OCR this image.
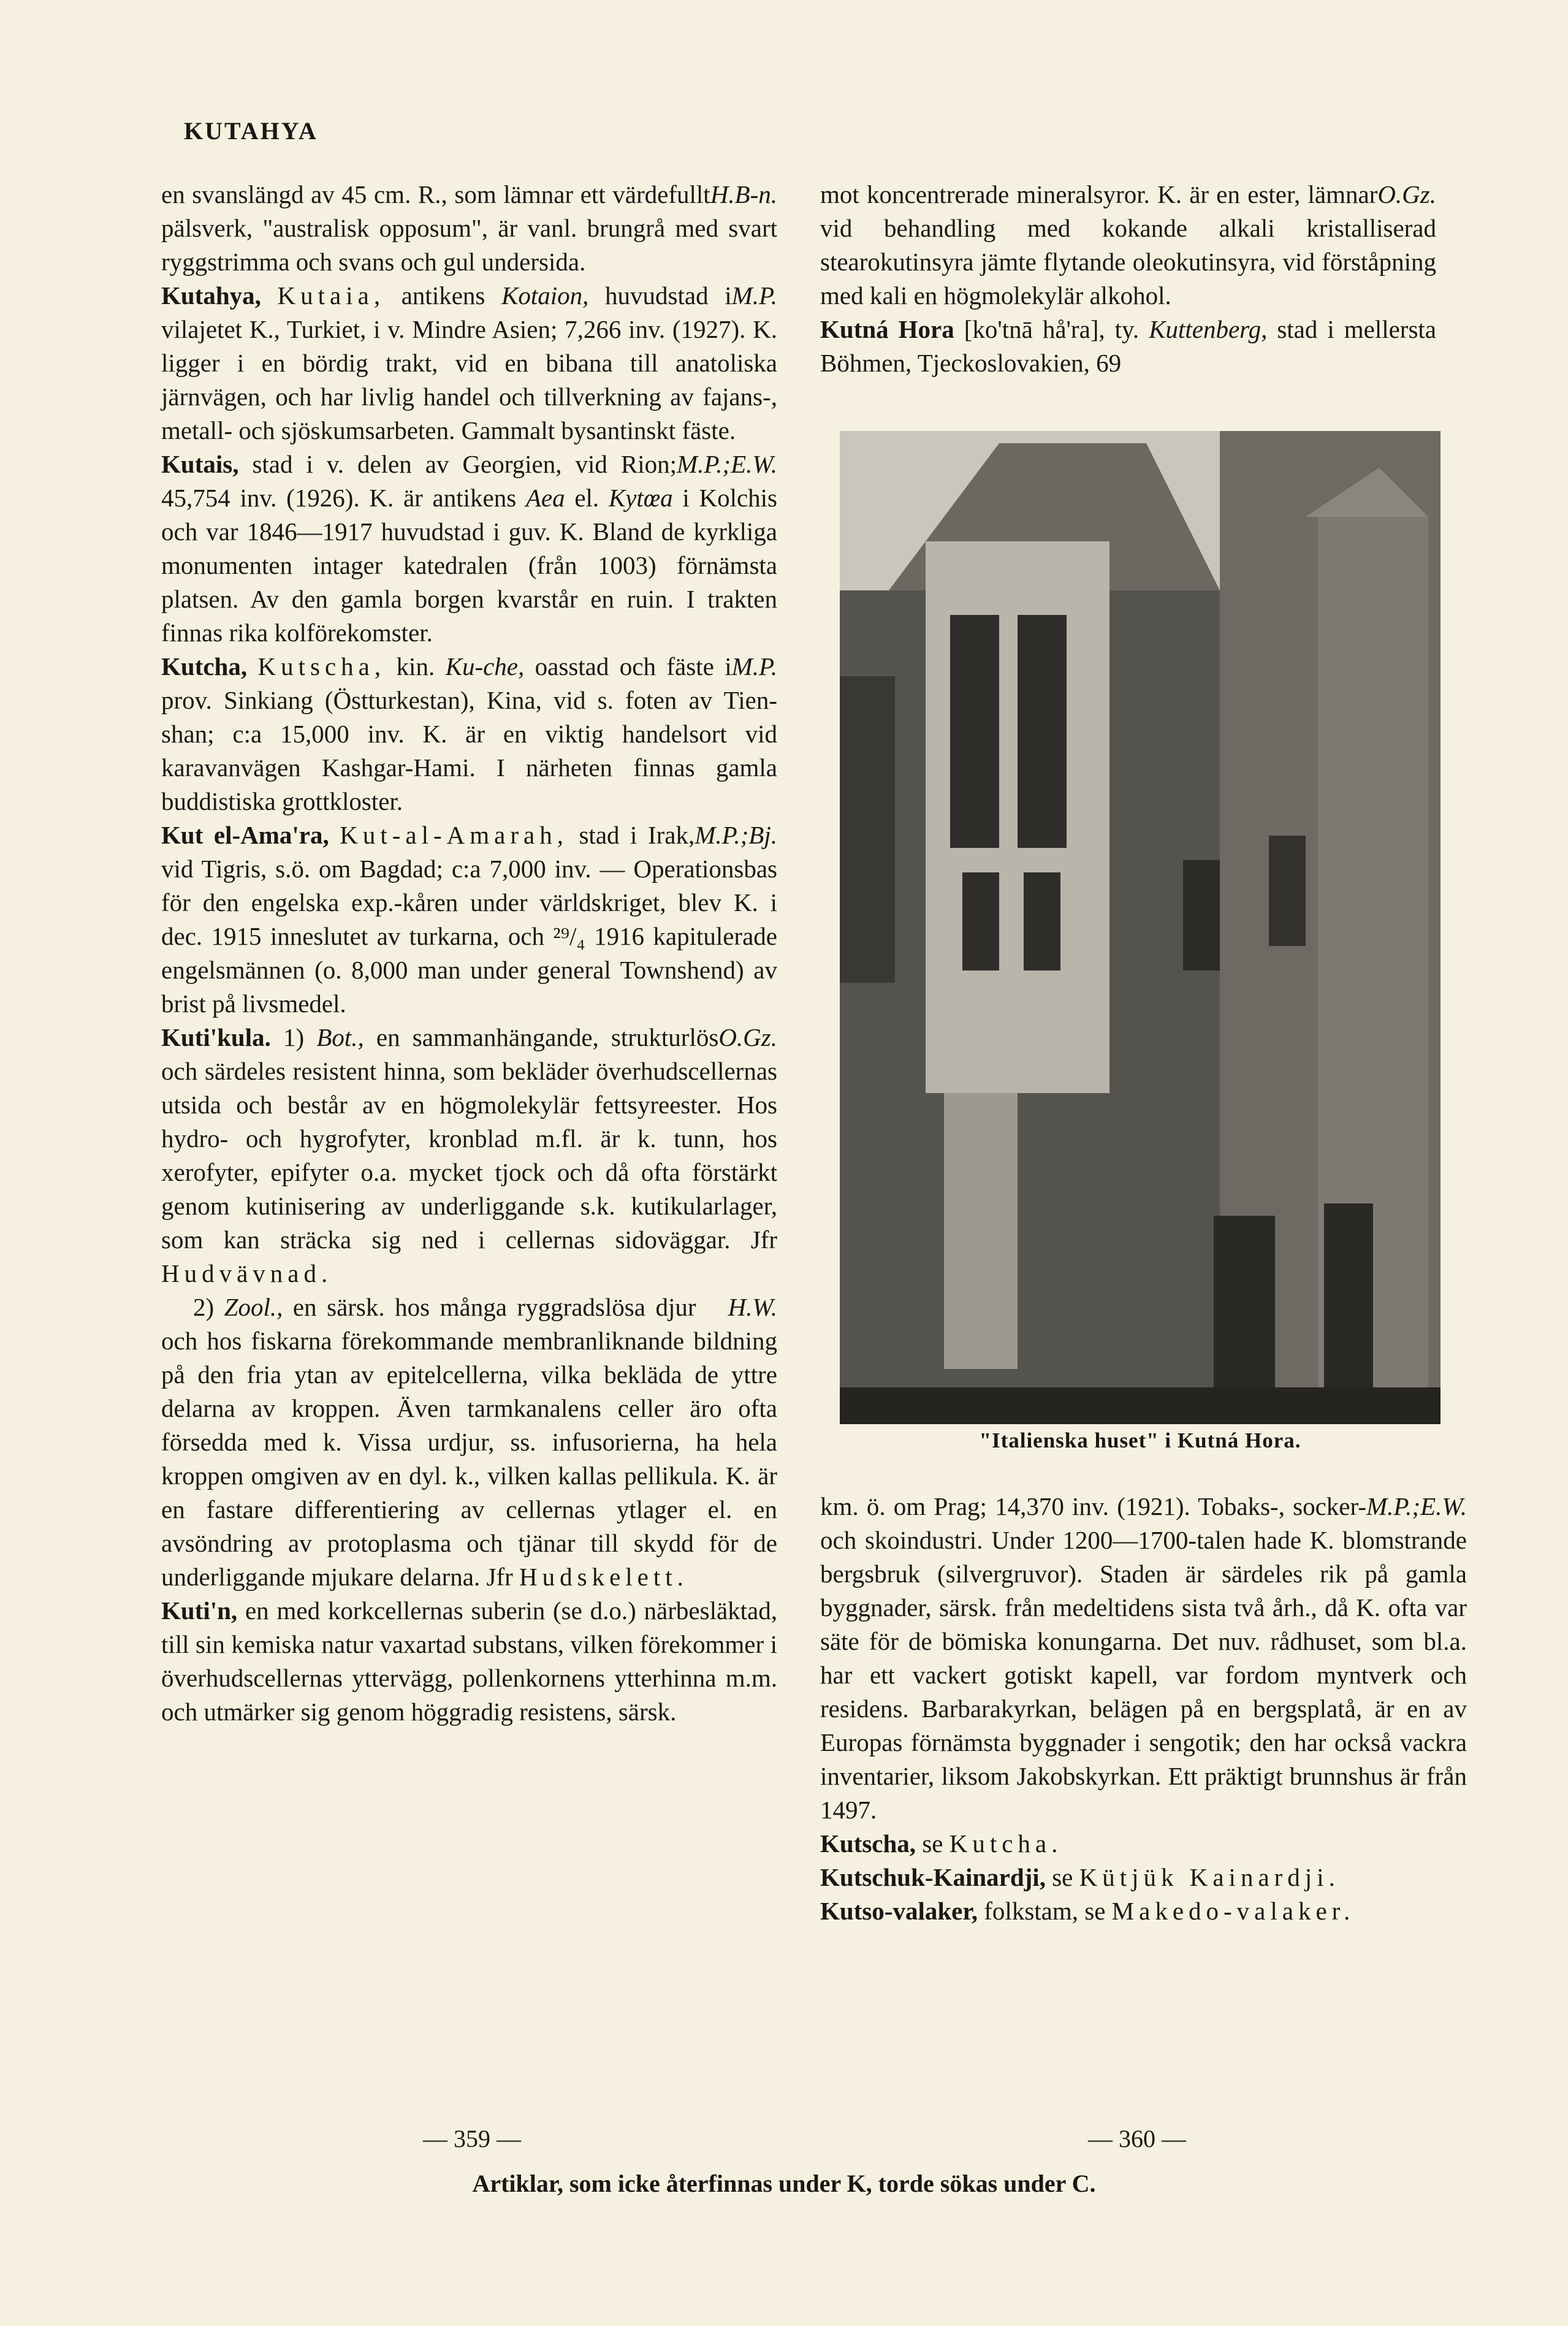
KUTAHYA

H.B-n.
en svanslängd av 45 cm. R., som lämnar ett värdefullt pälsverk, "australisk opposum", är vanl. brungrå med svart ryggstrimma och svans och gul undersida.

M.P.
Kutahya, Kutaia, antikens Kotaion, huvudstad i vilajetet K., Turkiet, i v. Mindre Asien; 7,266 inv. (1927). K. ligger i en bördig trakt, vid en bibana till anatoliska järnvägen, och har livlig handel och tillverkning av fajans-, metall- och sjöskumsarbeten. Gammalt bysantinskt fäste.

M.P.;E.W.
Kutais, stad i v. delen av Georgien, vid Rion; 45,754 inv. (1926). K. är antikens Aea el. Kytœa i Kolchis och var 1846—1917 huvudstad i guv. K. Bland de kyrkliga monumenten intager katedralen (från 1003) förnämsta platsen. Av den gamla borgen kvarstår en ruin. I trakten finnas rika kolförekomster.

M.P.
Kutcha, Kutscha, kin. Ku-che, oasstad och fäste i prov. Sinkiang (Östturkestan), Kina, vid s. foten av Tien-shan; c:a 15,000 inv. K. är en viktig handelsort vid karavanvägen Kashgar-Hami. I närheten finnas gamla buddistiska grottkloster.

M.P.;Bj.
Kut el-Ama'ra, Kut-al-Amarah, stad i Irak, vid Tigris, s.ö. om Bagdad; c:a 7,000 inv. — Operationsbas för den engelska exp.-kåren under världskriget, blev K. i dec. 1915 inneslutet av turkarna, och ²⁹/₄ 1916 kapitulerade engelsmännen (o. 8,000 man under general Townshend) av brist på livsmedel.

O.Gz.
Kuti'kula. 1) Bot., en sammanhängande, strukturlös och särdeles resistent hinna, som bekläder överhudscellernas utsida och består av en högmolekylär fettsyreester. Hos hydro- och hygrofyter, kronblad m.fl. är k. tunn, hos xerofyter, epifyter o.a. mycket tjock och då ofta förstärkt genom kutinisering av underliggande s.k. kutikularlager, som kan sträcka sig ned i cellernas sidoväggar. Jfr Hudvävnad.

H.W.
2) Zool., en särsk. hos många ryggradslösa djur och hos fiskarna förekommande membranliknande bildning på den fria ytan av epitelcellerna, vilka bekläda de yttre delarna av kroppen. Även tarmkanalens celler äro ofta försedda med k. Vissa urdjur, ss. infusorierna, ha hela kroppen omgiven av en dyl. k., vilken kallas pellikula. K. är en fastare differentiering av cellernas ytlager el. en avsöndring av protoplasma och tjänar till skydd för de underliggande mjukare delarna. Jfr Hudskelett.

Kuti'n, en med korkcellernas suberin (se d.o.) närbesläktad, till sin kemiska natur vaxartad substans, vilken förekommer i överhudscellernas yttervägg, pollenkornens ytterhinna m.m. och utmärker sig genom höggradig resistens, särsk.

O.Gz.
mot koncentrerade mineralsyror. K. är en ester, lämnar vid behandling med kokande alkali kristalliserad stearokutinsyra jämte flytande oleokutinsyra, vid förståpning med kali en högmolekylär alkohol.

Kutná Hora [ko'tnā hå'ra], ty. Kuttenberg, stad i mellersta Böhmen, Tjeckoslovakien, 69

"Italienska huset" i Kutná Hora.

M.P.;E.W.
km. ö. om Prag; 14,370 inv. (1921). Tobaks-, socker- och skoindustri. Under 1200—1700-talen hade K. blomstrande bergsbruk (silvergruvor). Staden är särdeles rik på gamla byggnader, särsk. från medeltidens sista två årh., då K. ofta var säte för de bömiska konungarna. Det nuv. rådhuset, som bl.a. har ett vackert gotiskt kapell, var fordom myntverk och residens. Barbarakyrkan, belägen på en bergsplatå, är en av Europas förnämsta byggnader i sengotik; den har också vackra inventarier, liksom Jakobskyrkan. Ett präktigt brunnshus är från 1497.

Kutscha, se Kutcha.

Kutschuk-Kainardji, se Kütjük Kainardji.

Kutso-valaker, folkstam, se Makedo-valaker.

— 359 —	— 360 —
Artiklar, som icke återfinnas under K, torde sökas under C.
